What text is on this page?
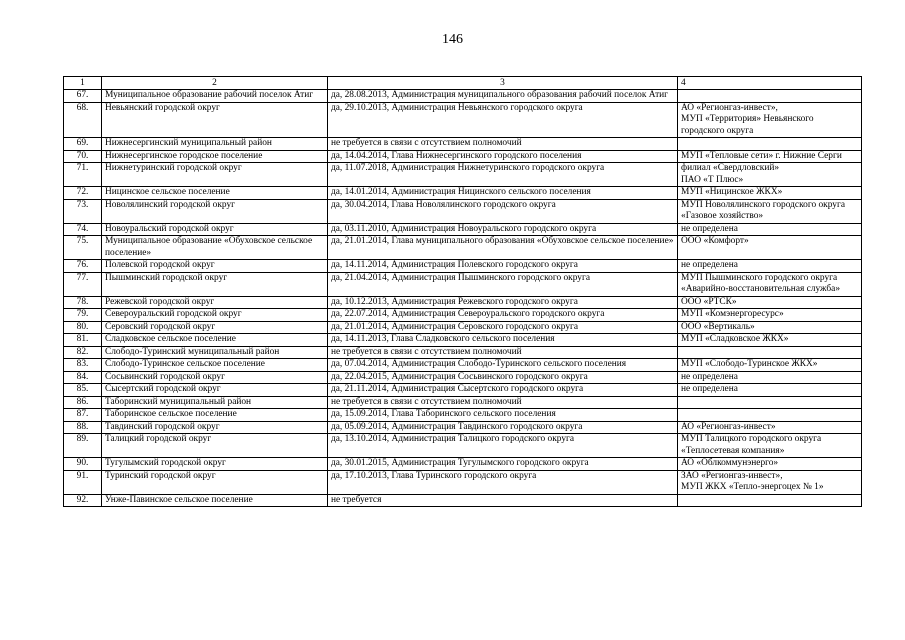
146
1	2	3	4
67.	Муниципальное образование рабочий поселок Атиг	да, 28.08.2013, Администрация муниципального образования рабочий поселок Атиг	
68.	Невьянский городской округ	да, 29.10.2013, Администрация Невьянского городского округа	АО «Регионгаз-инвест»,
МУП «Территория» Невьянского городского округа

69.	Нижнесергинский муниципальный район	не требуется в связи с отсутствием полномочий	
70.	Нижнесергинское городское поселение	да, 14.04.2014, Глава Нижнесергинского городского поселения	МУП «Тепловые сети» г. Нижние Серги

71.	Нижнетуринский городской округ	да, 11.07.2018, Администрация Нижнетуринского городского округа	филиал «Свердловский»
ПАО «Т Плюс»

72.	Ницинское сельское поселение	да, 14.01.2014, Администрация Ницинского сельского поселения	МУП «Ницинское ЖКХ»

73.	Новолялинский городской округ	да, 30.04.2014, Глава Новолялинского городского округа	МУП Новолялинского городского округа «Газовое хозяйство»

74.	Новоуральский городской округ	да, 03.11.2010, Администрация Новоуральского городского округа	не определена

75.	Муниципальное образование «Обуховское сельское поселение»	да, 21.01.2014, Глава муниципального образования «Обуховское сельское поселение»	ООО «Комфорт»

76.	Полевской городской округ	да, 14.11.2014, Администрация Полевского городского округа	не определена

77.	Пышминский городской округ	да, 21.04.2014, Администрация Пышминского городского округа	МУП Пышминского городского округа «Аварийно-восстановительная служба»

78.	Режевской городской округ	да, 10.12.2013, Администрация Режевского городского округа	ООО «РТСК»

79.	Североуральский городской округ	да, 22.07.2014, Администрация Североуральского городского округа	МУП «Комэнергоресурс»

80.	Серовский городской округ	да, 21.01.2014, Администрация Серовского городского округа	ООО «Вертикаль»

81.	Сладковское сельское поселение	да, 14.11.2013, Глава Сладковского сельского поселения	МУП «Сладковское ЖКХ»

82.	Слободо-Туринский муниципальный район	не требуется в связи с отсутствием полномочий	
83.	Слободо-Туринское сельское поселение	да, 07.04.2014, Администрация Слободо-Туринского сельского поселения	МУП «Слободо-Туринское ЖКХ»

84.	Сосьвинский городской округ	да, 22.04.2015, Администрация Сосьвинского городского округа	не определена

85.	Сысертский городской округ	да, 21.11.2014, Администрация Сысертского городского округа	не определена

86.	Таборинский муниципальный район	не требуется в связи с отсутствием полномочий	
87.	Таборинское сельское поселение	да, 15.09.2014, Глава Таборинского сельского поселения	
88.	Тавдинский городской округ	да, 05.09.2014, Администрация Тавдинского городского округа	АО «Регионгаз-инвест»

89.	Талицкий городской округ	да, 13.10.2014, Администрация Талицкого городского округа	МУП Талицкого городского округа «Теплосетевая компания»

90.	Тугулымский городской округ	да, 30.01.2015, Администрация Тугулымского городского округа	АО «Облкоммунэнерго»

91.	Туринский городской округ	да, 17.10.2013, Глава Туринского городского округа	ЗАО «Регионгаз-инвест»,
МУП ЖКХ «Тепло-энергоцех № 1»

92.	Унже-Павинское сельское поселение	не требуется	
